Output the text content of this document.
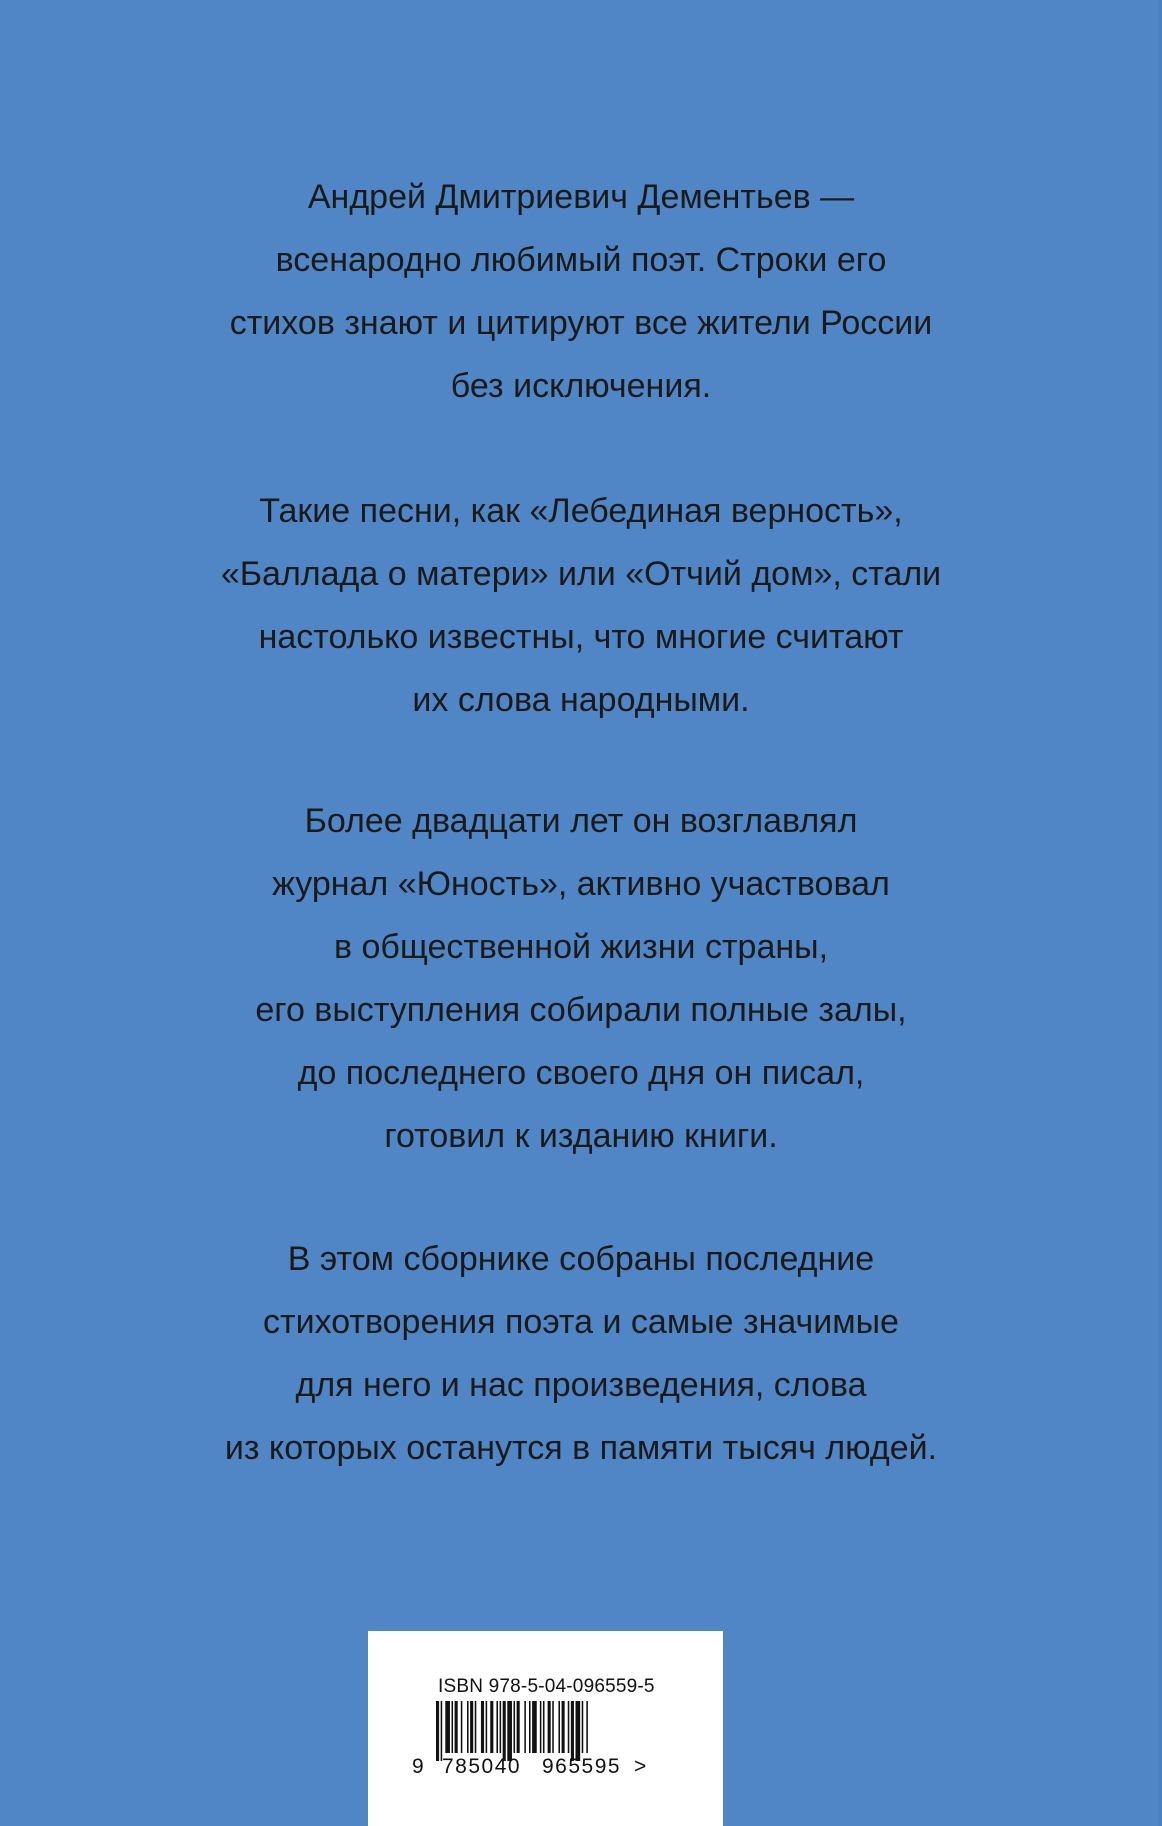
Андрей Дмитриевич Дементьев —
всенародно любимый поэт. Строки его
стихов знают и цитируют все жители России
без исключения.
Такие песни, как «Лебединая верность»,
«Баллада о матери» или «Отчий дом», стали
настолько известны, что многие считают
их слова народными.
Более двадцати лет он возглавлял
журнал «Юность», активно участвовал
в общественной жизни страны,
его выступления собирали полные залы,
до последнего своего дня он писал,
готовил к изданию книги.
В этом сборнике собраны последние
стихотворения поэта и самые значимые
для него и нас произведения, слова
из которых останутся в памяти тысяч людей.
ISBN 978-5-04-096559-5
9 785040 965595 >
